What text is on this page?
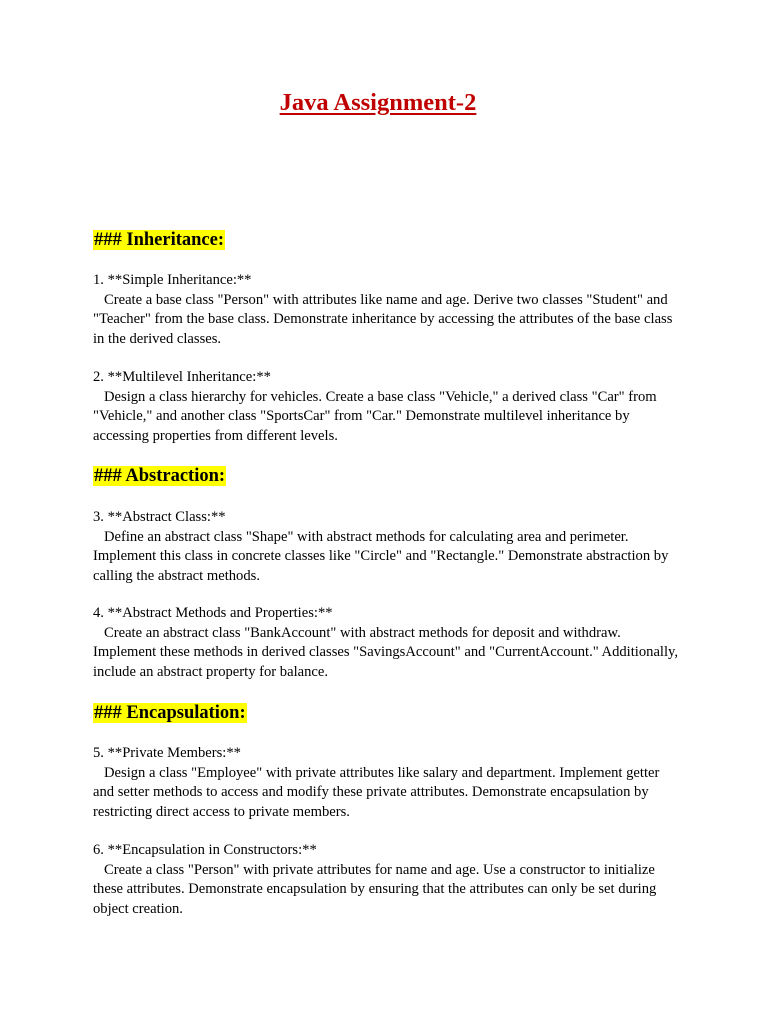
Java Assignment-2
### Inheritance:
1. **Simple Inheritance:**
Create a base class "Person" with attributes like name and age. Derive two classes "Student" and "Teacher" from the base class. Demonstrate inheritance by accessing the attributes of the base class in the derived classes.
2. **Multilevel Inheritance:**
Design a class hierarchy for vehicles. Create a base class "Vehicle," a derived class "Car" from "Vehicle," and another class "SportsCar" from "Car." Demonstrate multilevel inheritance by accessing properties from different levels.
### Abstraction:
3. **Abstract Class:**
Define an abstract class "Shape" with abstract methods for calculating area and perimeter. Implement this class in concrete classes like "Circle" and "Rectangle." Demonstrate abstraction by calling the abstract methods.
4. **Abstract Methods and Properties:**
Create an abstract class "BankAccount" with abstract methods for deposit and withdraw. Implement these methods in derived classes "SavingsAccount" and "CurrentAccount." Additionally, include an abstract property for balance.
### Encapsulation:
5. **Private Members:**
Design a class "Employee" with private attributes like salary and department. Implement getter and setter methods to access and modify these private attributes. Demonstrate encapsulation by restricting direct access to private members.
6. **Encapsulation in Constructors:**
Create a class "Person" with private attributes for name and age. Use a constructor to initialize these attributes. Demonstrate encapsulation by ensuring that the attributes can only be set during object creation.
